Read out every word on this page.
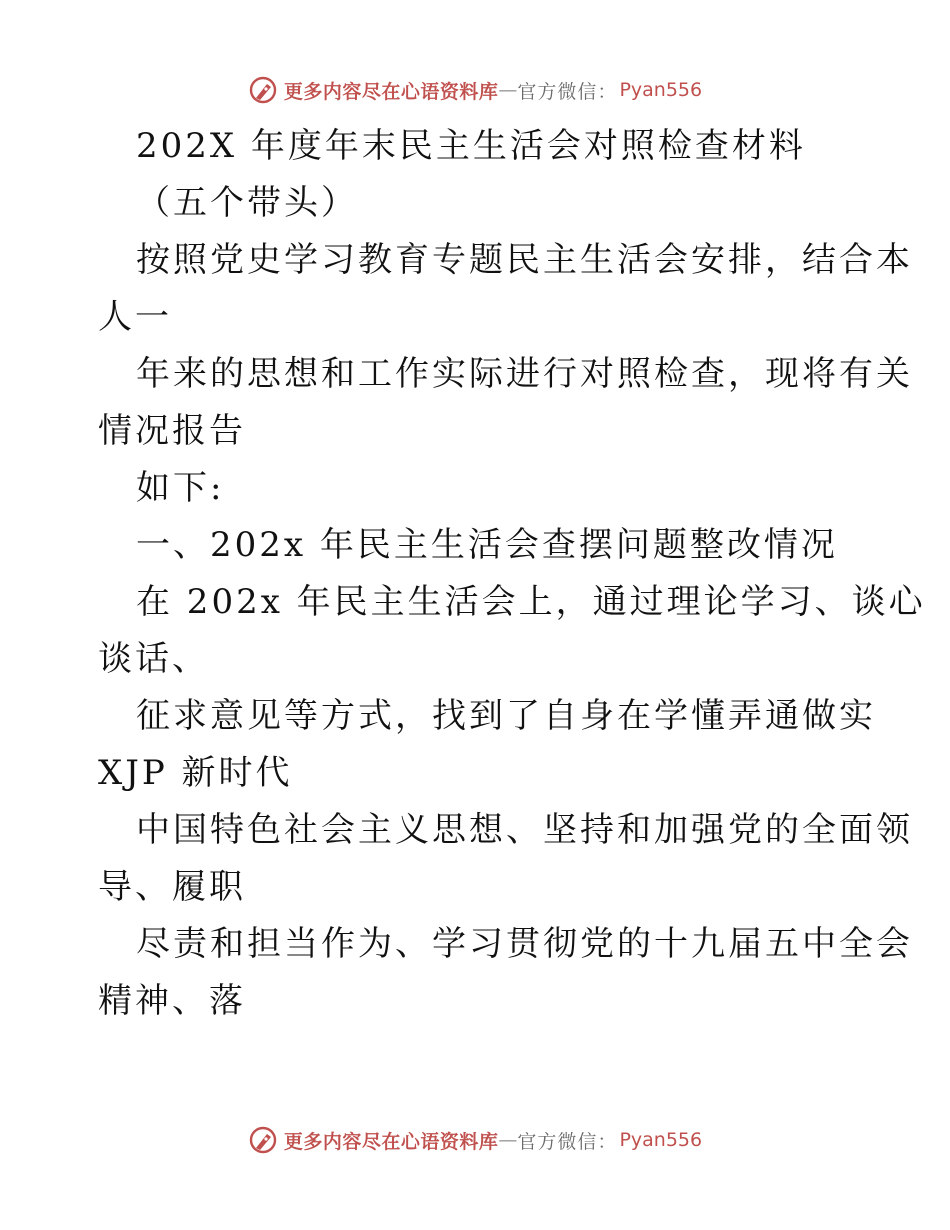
更多内容尽在心语资料库 — 官方微信： Pyan556
202X 年度年末民主生活会对照检查材料
（五个带头）
按照党史学习教育专题民主生活会安排，结合本
人一
年来的思想和工作实际进行对照检查，现将有关
情况报告
如下:
一、202x 年民主生活会查摆问题整改情况
在 202x 年民主生活会上，通过理论学习、谈心
谈话、
征求意见等方式，找到了自身在学懂弄通做实
XJP 新时代
中国特色社会主义思想、坚持和加强党的全面领
导、履职
尽责和担当作为、学习贯彻党的十九届五中全会
精神、落
更多内容尽在心语资料库 — 官方微信： Pyan556
